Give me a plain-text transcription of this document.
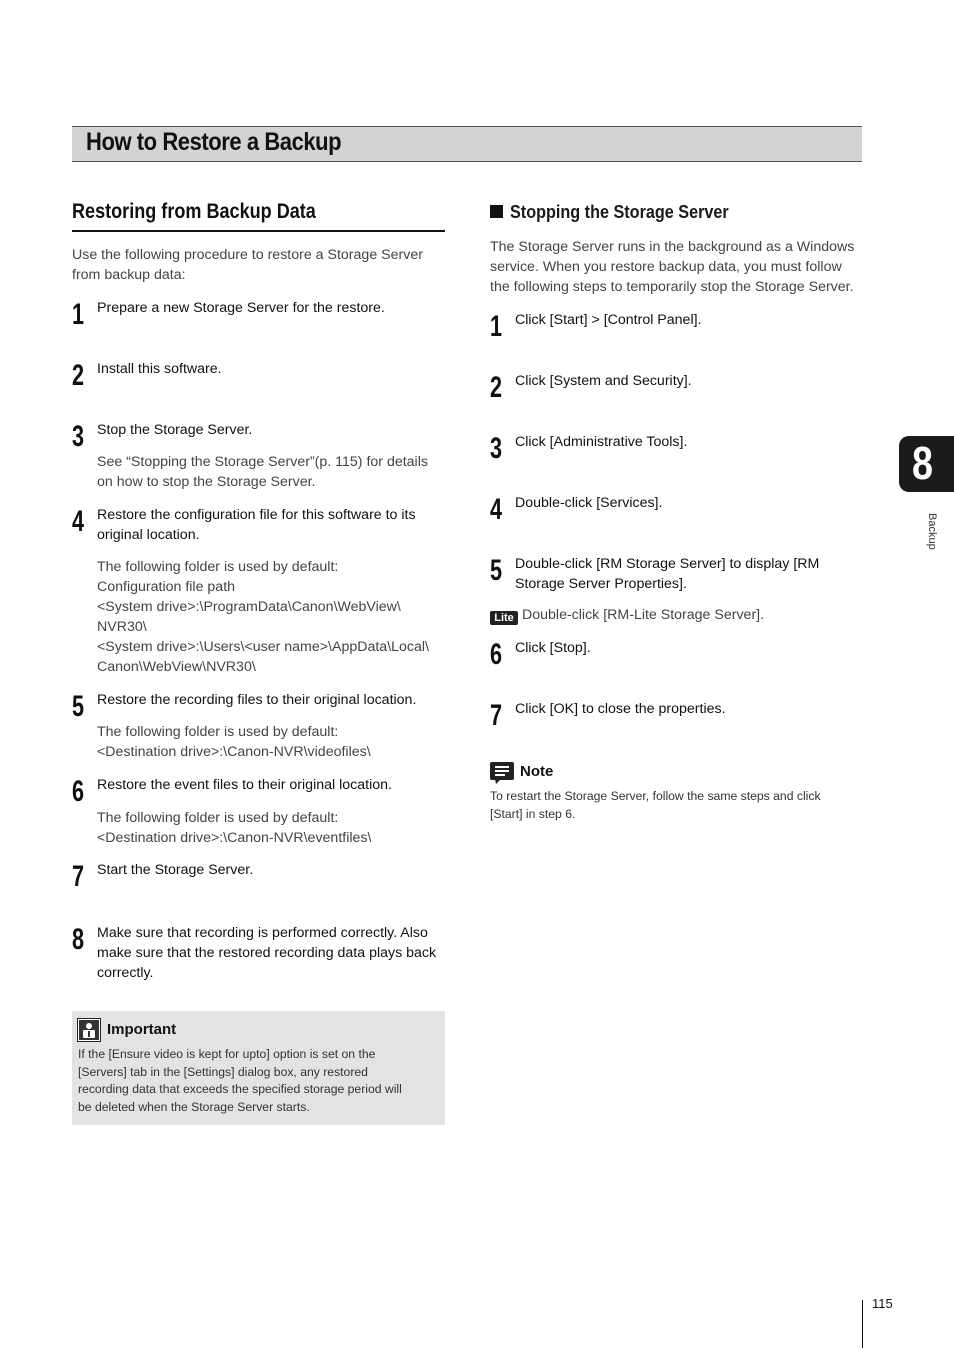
How to Restore a Backup
Restoring from Backup Data
Use the following procedure to restore a Storage Server
from backup data:
1 Prepare a new Storage Server for the restore.
2 Install this software.
3 Stop the Storage Server.
See “Stopping the Storage Server”(p. 115) for details
on how to stop the Storage Server.
4 Restore the configuration file for this software to its
original location.
The following folder is used by default:
Configuration file path
<System drive>:\ProgramData\Canon\WebView\
NVR30\
<System drive>:\Users\<user name>\AppData\Local\
Canon\WebView\NVR30\
5 Restore the recording files to their original location.
The following folder is used by default:
<Destination drive>:\Canon-NVR\videofiles\
6 Restore the event files to their original location.
The following folder is used by default:
<Destination drive>:\Canon-NVR\eventfiles\
7 Start the Storage Server.
8 Make sure that recording is performed correctly. Also
make sure that the restored recording data plays back
correctly.
Important
If the [Ensure video is kept for upto] option is set on the
[Servers] tab in the [Settings] dialog box, any restored
recording data that exceeds the specified storage period will
be deleted when the Storage Server starts.
Stopping the Storage Server
The Storage Server runs in the background as a Windows
service. When you restore backup data, you must follow
the following steps to temporarily stop the Storage Server.
1 Click [Start] > [Control Panel].
2 Click [System and Security].
3 Click [Administrative Tools].
4 Double-click [Services].
5 Double-click [RM Storage Server] to display [RM
Storage Server Properties].
Lite Double-click [RM-Lite Storage Server].
6 Click [Stop].
7 Click [OK] to close the properties.
Note
To restart the Storage Server, follow the same steps and click
[Start] in step 6.
8
Backup
115
